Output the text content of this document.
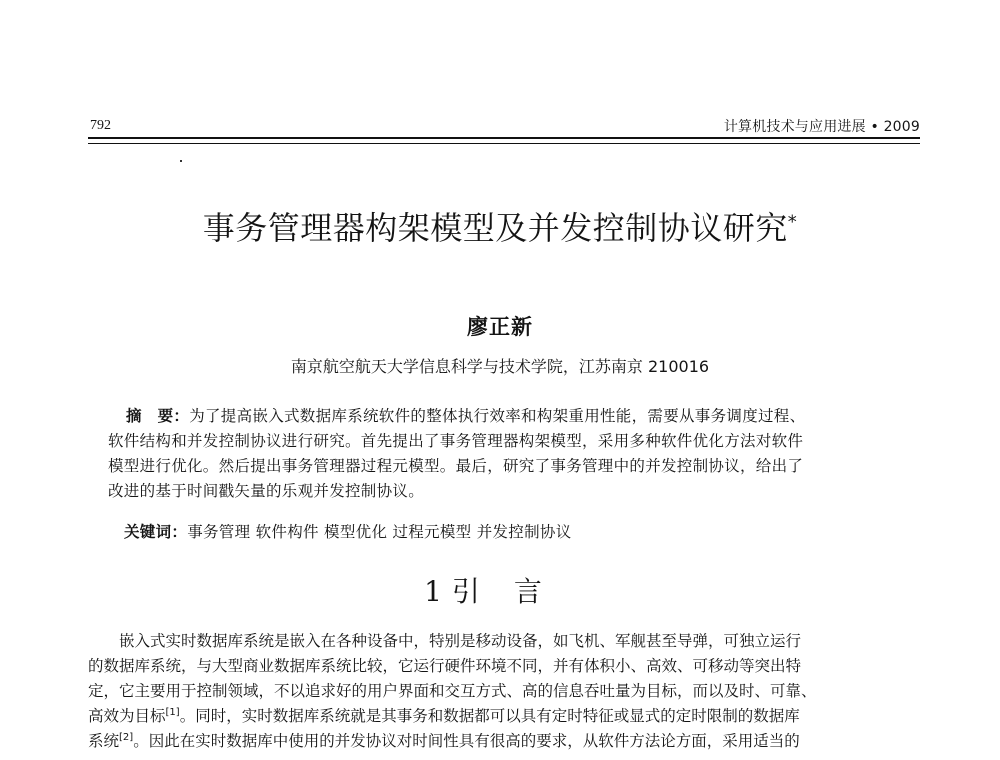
792	计算机技术与应用进展 • 2009
事务管理器构架模型及并发控制协议研究*
廖正新
南京航空航天大学信息科学与技术学院，江苏南京 210016
摘　要：为了提高嵌入式数据库系统软件的整体执行效率和构架重用性能，需要从事务调度过程、
软件结构和并发控制协议进行研究。首先提出了事务管理器构架模型，采用多种软件优化方法对软件
模型进行优化。然后提出事务管理器过程元模型。最后，研究了事务管理中的并发控制协议，给出了
改进的基于时间戳矢量的乐观并发控制协议。
关键词：事务管理 软件构件 模型优化 过程元模型 并发控制协议
1 引言
嵌入式实时数据库系统是嵌入在各种设备中，特别是移动设备，如飞机、军舰甚至导弹，可独立运行
的数据库系统，与大型商业数据库系统比较，它运行硬件环境不同，并有体积小、高效、可移动等突出特
定，它主要用于控制领域，不以追求好的用户界面和交互方式、高的信息吞吐量为目标，而以及时、可靠、
高效为目标[1]。同时，实时数据库系统就是其事务和数据都可以具有定时特征或显式的定时限制的数据库
系统[2]。因此在实时数据库中使用的并发协议对时间性具有很高的要求，从软件方法论方面，采用适当的
